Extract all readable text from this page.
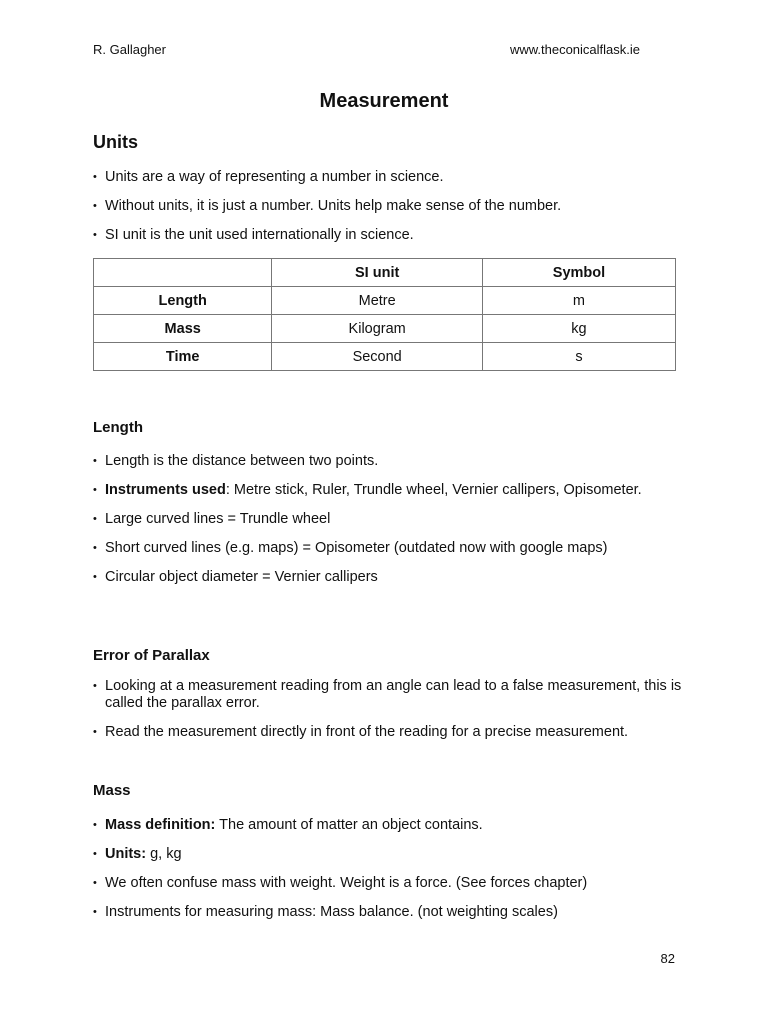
R. Gallagher	www.theconicalflask.ie
Measurement
Units
• Units are a way of representing a number in science.
• Without units, it is just a number. Units help make sense of the number.
• SI unit is the unit used internationally in science.
	SI unit	Symbol
Length	Metre	m
Mass	Kilogram	kg
Time	Second	s
Length
• Length is the distance between two points.
• Instruments used: Metre stick, Ruler, Trundle wheel, Vernier callipers, Opisometer.
• Large curved lines = Trundle wheel
• Short curved lines (e.g. maps) = Opisometer (outdated now with google maps)
• Circular object diameter = Vernier callipers
Error of Parallax
• Looking at a measurement reading from an angle can lead to a false measurement, this is called the parallax error.
• Read the measurement directly in front of the reading for a precise measurement.
Mass
• Mass definition: The amount of matter an object contains.
• Units: g, kg
• We often confuse mass with weight. Weight is a force. (See forces chapter)
• Instruments for measuring mass: Mass balance. (not weighting scales)
82
